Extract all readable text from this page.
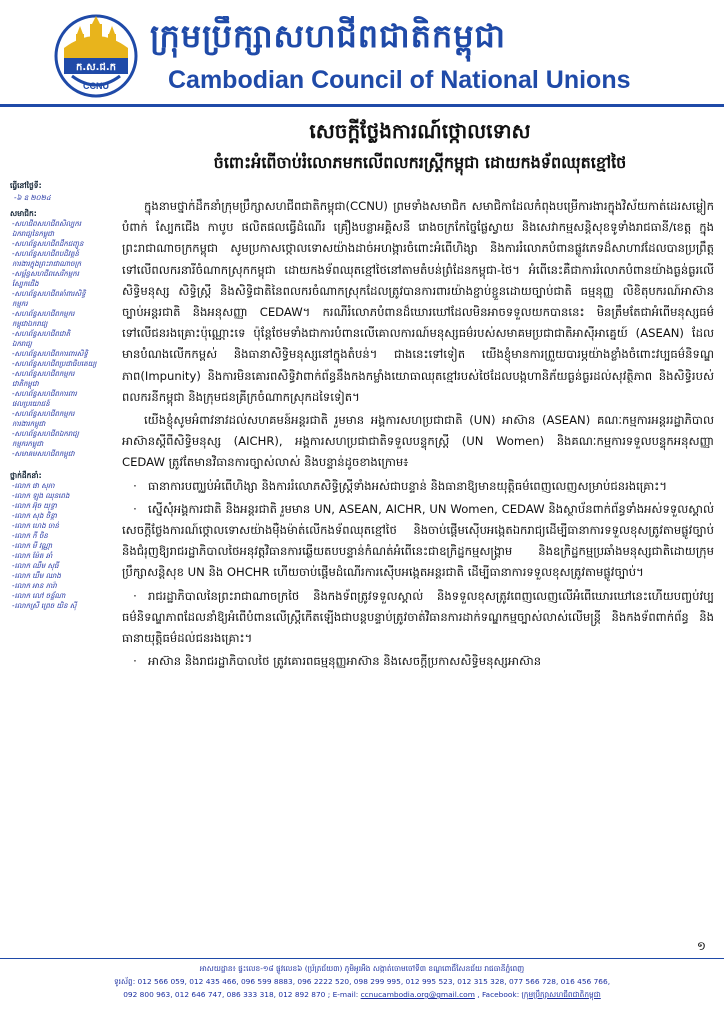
ក.ស.ជ.ក
CCNU
ក្រុមប្រឹក្សាសហជីពជាតិកម្ពុជា
Cambodian Council of National Unions
សេចក្តីថ្លែងការណ៍ថ្កោលទោស
ចំពោះអំពើចាប់រំលោភមកលើពលករស្រ្តីកម្ពុជា ដោយកងទ័ពឈុតខ្មៅថៃ
ធ្វើនៅថ្ងៃទី:
-៦ ឧ ២០២៤
សមាជិក:
-សហជីពសហជីពសិល្បករ
ឯករាជ្យនៃកម្ពុជា
-សហព័ន្ធសហជីពដឹកជញ្ជូន
-សហព័ន្ធសហជីពបដិវត្តន៍
ការងារក្នុងព្រះរាជាណាចក្រ
-សម្ព័ន្ធសហជីពសេរីកម្មករ
ស្បែកជើង
-សហព័ន្ធសហជីពគាំពារសិទ្ធិ
កម្មករ
-សហព័ន្ធសហជីពកម្មករ
កម្ពុជាឯករាជ្យ
-សហព័ន្ធសហជីពជាតិ
ឯករាជ្យ
-សហព័ន្ធសហជីពការពារសិទ្ធិ
-សហព័ន្ធសហជីពប្រជាធិបតេយ្យ
-សហព័ន្ធសហជីពកម្មករ
ជាតិកម្ពុជា
-សហព័ន្ធសហជីពការពារ
ផលប្រយោជន៍
-សហព័ន្ធសហជីពកម្មករ
ការងារកម្ពុជា
-សហព័ន្ធសហជីពឯករាជ្យ
កម្មករកម្ពុជា
-សមាគមសហជីពកម្ពុជា
ថ្នាក់ដឹកនាំ:
-លោក ផា សុភា
-លោក ឡុង ឈុនពេង
-លោក អ៊ុច យុទ្ធា
-លោក សុង ចិន្តា
-លោក ហេង ចាន់
-លោក កី ចិន
-លោក មី វណ្ណា
-លោក ម៉ែត ឆាំ
-លោក ឈឹម សុធី
-លោក ឃឹម ឈាង
-លោក អាន ភារ៉ា
-លោក លៅ ចន្ទ័ណា
-លោកស្រី ព្រេច យិន ស៊ី

ក្នុងនាមថ្នាក់ដឹកនាំក្រុមប្រឹក្សាសហជីពជាតិកម្ពុជា(CCNU) ព្រមទាំងសមាជិក សមាជិកាដែលកំពុងបម្រើការងារក្នុងវិស័យកាត់ដេរសម្លៀកបំពាក់ ស្បែកជើង កាបូប ផលិតផលធ្វើដំណើរ គ្រឿងបន្លាអគ្គិសនី រោងចក្រកែច្នៃផ្លែស្វាយ និងសេវាកម្មសន្តិសុខទូទាំងរាជធានី/ខេត្ត ក្នុងព្រះរាជាណាចក្រកម្ពុជា សូមប្រកាសថ្កោលទោសយ៉ាងដាច់អហង្ការចំពោះអំពើហិង្សា និងការរំលោភបំពានផ្លូវភេទដ៏សាហាវដែលបានប្រព្រឹត្តទៅលើពលករនារីចំណាកស្រុកកម្ពុជា ដោយកងទ័ពឈុតខ្មៅថៃនៅតាមតំបន់ព្រំដែនកម្ពុជា-ថៃ។ អំពើនេះគឺជាការរំលោភបំពានយ៉ាងធ្ងន់ធ្ងរលើសិទ្ធិមនុស្ស សិទ្ធិស្ត្រី និងសិទ្ធិជាតិនៃពលករចំណាកស្រុកដែលត្រូវបានការពារយ៉ាងខ្ជាប់ខ្ជួនដោយច្បាប់ជាតិ ធម្មនុញ្ញ លិខិតុបករណ៍អាស៊ាន ច្បាប់អន្តរជាតិ និងអនុសញ្ញា CEDAW។ ករណីរំលោភបំពានដ៏ឃោរឃៅដែលមិនអាចទទួលយកបាននេះ មិនត្រឹមតែជាអំពើមនុស្សធម៌ទៅលើជនរងគ្រោះប៉ុណ្ណោះទេ ប៉ុន្តែថែមទាំងជាការបំពានលើគោលការណ៍មនុស្សធម៌របស់សមាគមប្រជាជាតិអាស៊ីអាគ្នេយ៍ (ASEAN) ដែលមានបំណងលើកកម្ពស់ និងធានាសិទ្ធិមនុស្សនៅក្នុងតំបន់។ ជាងនេះទៅទៀត យើងខ្ញុំមានការព្រួយបារម្ភយ៉ាងខ្លាំងចំពោះវប្បធម៌និទណ្ឌភាព(Impunity) និងការមិនគោរពសិទ្ធិវាពាក់ព័ន្ធនឹងកងកម្លាំងយោធាឈុតខ្មៅរបស់ថៃដែលបង្កហានិភ័យធ្ងន់ធ្ងរដល់សុវត្ថិភាព និងសិទ្ធិរបស់ពលករនីកម្ពុជា និងក្រុមជនគ្រីក្រចំណាកស្រុកដទៃទៀត។

យើងខ្ញុំសូមអំពាវនាវដល់សហគមន៍អន្តរជាតិ រួមមាន អង្គការសហប្រជាជាតិ (UN) អាស៊ាន (ASEAN) គណៈកម្មការអន្តររដ្ឋាភិបាលអាស៊ានស្តីពីសិទ្ធិមនុស្ស (AICHR), អង្គការសហប្រជាជាតិទទួលបន្ទុកស្ត្រី (UN Women) និងគណៈកម្មការទទួលបន្ទុកអនុសញ្ញា CEDAW ត្រូវតែមានវិធានការច្បាស់លាស់ និងបន្ទាន់ដូចខាងក្រោម៖

· ធានាការបញ្ឈប់អំពើហិង្សា និងការរំលោភសិទ្ធិស្ត្រីទាំងអស់ជាបន្ទាន់ និងធានាឱ្យមានយុត្តិធម៌ពេញលេញសម្រាប់ជនរងគ្រោះ។

· ស្នើសុំអង្គការជាតិ និងអន្តរជាតិ រួមមាន UN, ASEAN, AICHR, UN Women, CEDAW និងស្ថាប័នពាក់ព័ន្ធទាំងអស់ទទួលស្គាល់សេចក្តីថ្លែងការណ៍ថ្កោលទោសយ៉ាងម៉ឺងម៉ាត់លើកងទ័ពឈុតខ្មៅថៃ និងចាប់ផ្តើមស៊ើបអង្កេតឯករាជ្យដើម្បីធានាការទទួលខុសត្រូវតាមផ្លូវច្បាប់ និងជំរុញឱ្យរាជរដ្ឋាភិបាលថៃអនុវត្តវិធានការឆ្លើយតបបន្ទាន់កំណត់អំពើនេះជាឧក្រិដ្ឋកម្មសង្គ្រាម និងឧក្រិដ្ឋកម្មប្រឆាំងមនុស្សជាតិដោយក្រុមប្រឹក្សាសន្តិសុខ UN និង OHCHR ហើយចាប់ផ្តើមដំណើរការស៊ើបអង្កេតអន្តរជាតិ ដើម្បីធានាការទទួលខុសត្រូវតាមផ្លូវច្បាប់។

· រាជរដ្ឋាភិបាលនៃព្រះរាជាណាចក្រថៃ និងកងទ័ពត្រូវទទួលស្គាល់ និងទទួលខុសត្រូវពេញលេញលើអំពើឃោរឃៅនេះហើយបញ្ចប់វប្បធម៌និទណ្ឌភាពដែលនាំឱ្យអំពើបំពានលើស្ត្រីកើតឡើងជាបន្តបន្ទាប់ត្រូវចាត់វិធានការដាក់ទណ្ឌកម្មច្បាស់លាស់លើមន្ត្រី និងកងទ័ពពាក់ព័ន្ធ និងធានាយុត្តិធម៌ដល់ជនរងគ្រោះ។

· អាស៊ាន និងរាជរដ្ឋាភិបាលថៃ ត្រូវគោរពធម្មនុញ្ញអាស៊ាន និងសេចក្តីប្រកាសសិទ្ធិមនុស្សអាស៊ាន

១
អាសយដ្ឋាន៖ ផ្ទះលេខ-១៨ ផ្លូវលេខ៦ (ប្រ័ត្រជ័យ៣) ភូមិអូរអឺង សង្កាត់ចោមចៅទី៣ ខណ្ឌពោធិ៍សែនជ័យ រាជធានីភ្នំពេញ
ទូរស័ព្ទ: 012 566 059, 012 435 466, 096 599 8883, 096 2222 520, 098 299 995, 012 995 523, 012 315 328, 077 566 728, 016 456 766,
092 800 963, 012 646 747, 086 333 318, 012 892 870 ; E-mail: ccnucambodia.org@gmail.com , Facebook: ក្រុមប្រឹក្សាសហជីពជាតិកម្ពុជា
